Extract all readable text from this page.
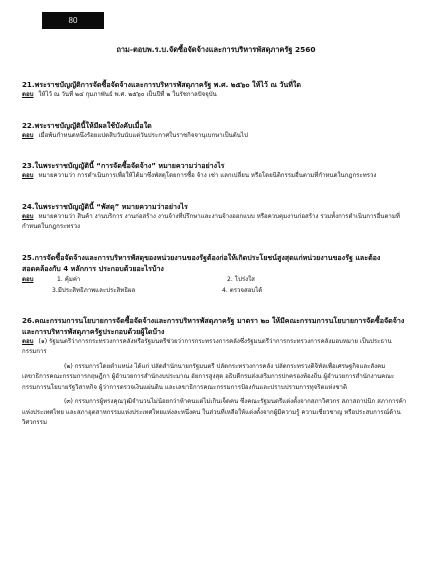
80
ถาม-ตอบพ.ร.บ.จัดซื้อจัดจ้างและการบริหารพัสดุภาครัฐ 2560
21.พระราชบัญญัติการจัดซื้อจัดจ้างและการบริหารพัสดุภาครัฐ พ.ศ. ๒๕๖๐ ให้ไว้ ณ วันที่ใด
ตอบ ให้ไว้ ณ วันที่ ๒๔ กุมภาพันธ์ พ.ศ. ๒๕๖๐ เป็นปีที่ ๒ ในรัชกาลปัจจุบัน
22.พระราชบัญญัตินี้ให้มีผลใช้บังคับเมื่อใด
ตอบ เมื่อพ้นกำหนดหนึ่งร้อยแปดสิบวันนับแต่วันประกาศในราชกิจจานุเบกษาเป็นต้นไป
23.ในพระราชบัญญัตินี้ “การจัดซื้อจัดจ้าง” หมายความว่าอย่างไร
ตอบ หมายความว่า การดำเนินการเพื่อให้ได้มาซึ่งพัสดุโดยการซื้อ จ้าง เช่า แลกเปลี่ยน หรือโดยนิติกรรมอื่นตามที่กำหนดในกฎกระทรวง
24.ในพระราชบัญญัตินี้ “พัสดุ” หมายความว่าอย่างไร
ตอบ หมายความว่า สินค้า งานบริการ งานก่อสร้าง งานจ้างที่ปรึกษาและงานจ้างออกแบบ หรือควบคุมงานก่อสร้าง รวมทั้งการดำเนินการอื่นตามที่กำหนดในกฎกระทรวง
25.การจัดซื้อจัดจ้างและการบริหารพัสดุของหน่วยงานของรัฐต้องก่อให้เกิดประโยชน์สูงสุดแก่หน่วยงานของรัฐ และต้องสอดคล้องกับ 4 หลักการ ประกอบด้วยอะไรบ้าง
ตอบ	1. คุ้มค่า	2. โปร่งใส
3.มีประสิทธิภาพและประสิทธิผล	4. ตรวจสอบได้
26.คณะกรรมการนโยบายการจัดซื้อจัดจ้างและการบริหารพัสดุภาครัฐ มาตรา ๒๐ ให้มีคณะกรรมการนโยบายการจัดซื้อจัดจ้างและการบริหารพัสดุภาครัฐประกอบด้วยผู้ใดบ้าง
ตอบ (๑) รัฐมนตรีว่าการกระทรวงการคลังหรือรัฐมนตรีช่วยว่าการกระทรวงการคลังซึ่งรัฐมนตรีว่าการกระทรวงการคลังมอบหมาย เป็นประธานกรรมการ
(๒) กรรมการโดยตำแหน่ง ได้แก่ ปลัดสำนักนายกรัฐมนตรี ปลัดกระทรวงการคลัง ปลัดกระทรวงดิจิทัลเพื่อเศรษฐกิจและสังคม เลขาธิการคณะกรรมการกฤษฎีกา ผู้อำนวยการสำนักงบประมาณ อัยการสูงสุด อธิบดีกรมส่งเสริมการปกครองท้องถิ่น ผู้อำนวยการสำนักงานคณะกรรมการนโยบายรัฐวิสาหกิจ ผู้ว่าการตรวจเงินแผ่นดิน และเลขาธิการคณะกรรมการป้องกันและปราบปรามการทุจริตแห่งชาติ
(๓) กรรมการผู้ทรงคุณวุฒิจำนวนไม่น้อยกว่าห้าคนแต่ไม่เกินเจ็ดคน ซึ่งคณะรัฐมนตรีแต่งตั้งจากสภาวิศวกร สภาสถาปนิก สภาการค้าแห่งประเทศไทย และสภาอุตสาหกรรมแห่งประเทศไทยแห่งละหนึ่งคน ในส่วนที่เหลือให้แต่งตั้งจากผู้มีความรู้ ความเชี่ยวชาญ หรือประสบการณ์ด้านวิศวกรรม
